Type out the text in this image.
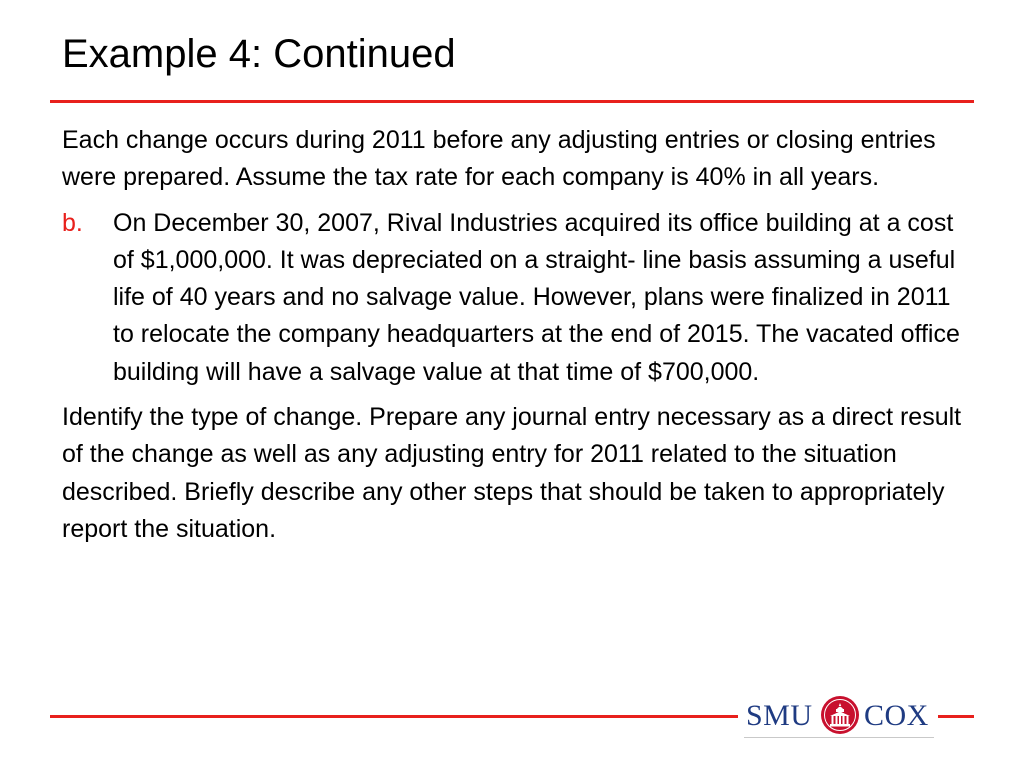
Example 4: Continued

Each change occurs during 2011 before any adjusting entries or closing entries were prepared. Assume the tax rate for each company is 40% in all years.

b. On December 30, 2007, Rival Industries acquired its office building at a cost of $1,000,000. It was depreciated on a straight- line basis assuming a useful life of 40 years and no salvage value. However, plans were finalized in 2011 to relocate the company headquarters at the end of 2015. The vacated office building will have a salvage value at that time of $700,000.

Identify the type of change. Prepare any journal entry necessary as a direct result of the change as well as any adjusting entry for 2011 related to the situation described. Briefly describe any other steps that should be taken to appropriately report the situation.

SMU COX
